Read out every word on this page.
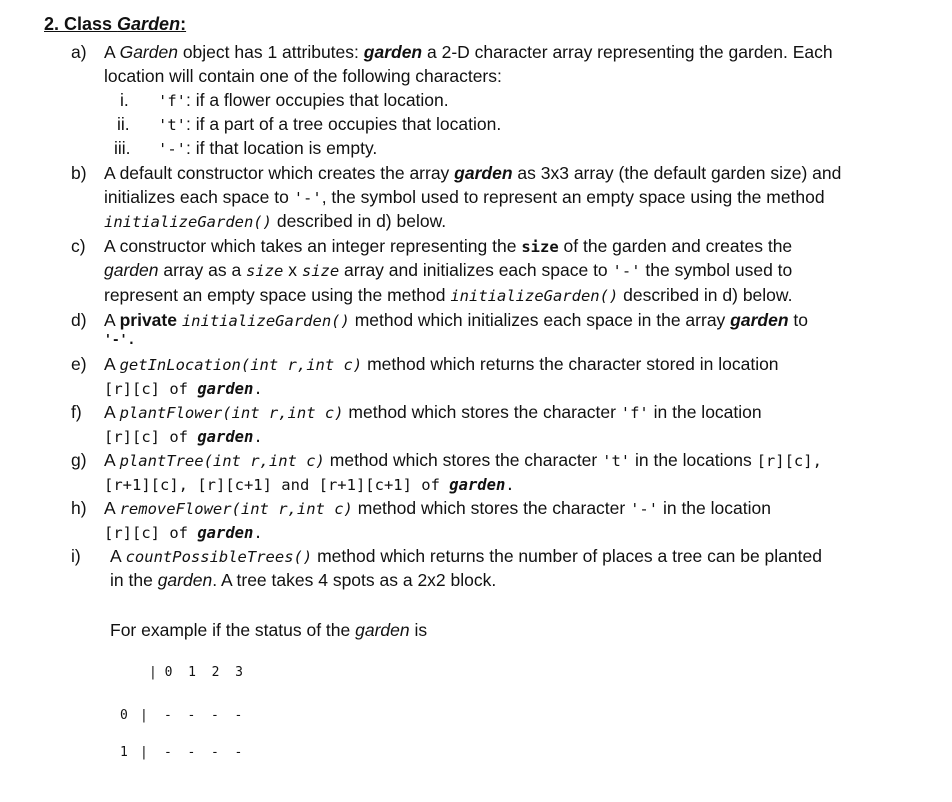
2. Class Garden:
a) A Garden object has 1 attributes: garden a 2-D character array representing the garden. Each
location will contain one of the following characters:
i. 'f': if a flower occupies that location.
ii. 't': if a part of a tree occupies that location.
iii. '-': if that location is empty.
b) A default constructor which creates the array garden as 3x3 array (the default garden size) and
initializes each space to '-', the symbol used to represent an empty space using the method
initializeGarden() described in d) below.
c) A constructor which takes an integer representing the size of the garden and creates the
garden array as a size x size array and initializes each space to '-' the symbol used to
represent an empty space using the method initializeGarden() described in d) below.
d) A private initializeGarden() method which initializes each space in the array garden to
'-'.
e) A getInLocation(int r,int c) method which returns the character stored in location
[r][c] of garden.
f) A plantFlower(int r,int c) method which stores the character 'f' in the location
[r][c] of garden.
g) A plantTree(int r,int c) method which stores the character 't' in the locations [r][c],
[r+1][c], [r][c+1] and [r+1][c+1] of garden.
h) A removeFlower(int r,int c) method which stores the character '-' in the location
[r][c] of garden.
i) A countPossibleTrees() method which returns the number of places a tree can be planted
in the garden. A tree takes 4 spots as a 2x2 block.
For example if the status of the garden is
| 0  1  2  3
0 | -  -  -  -
1 | -  -  -  -
